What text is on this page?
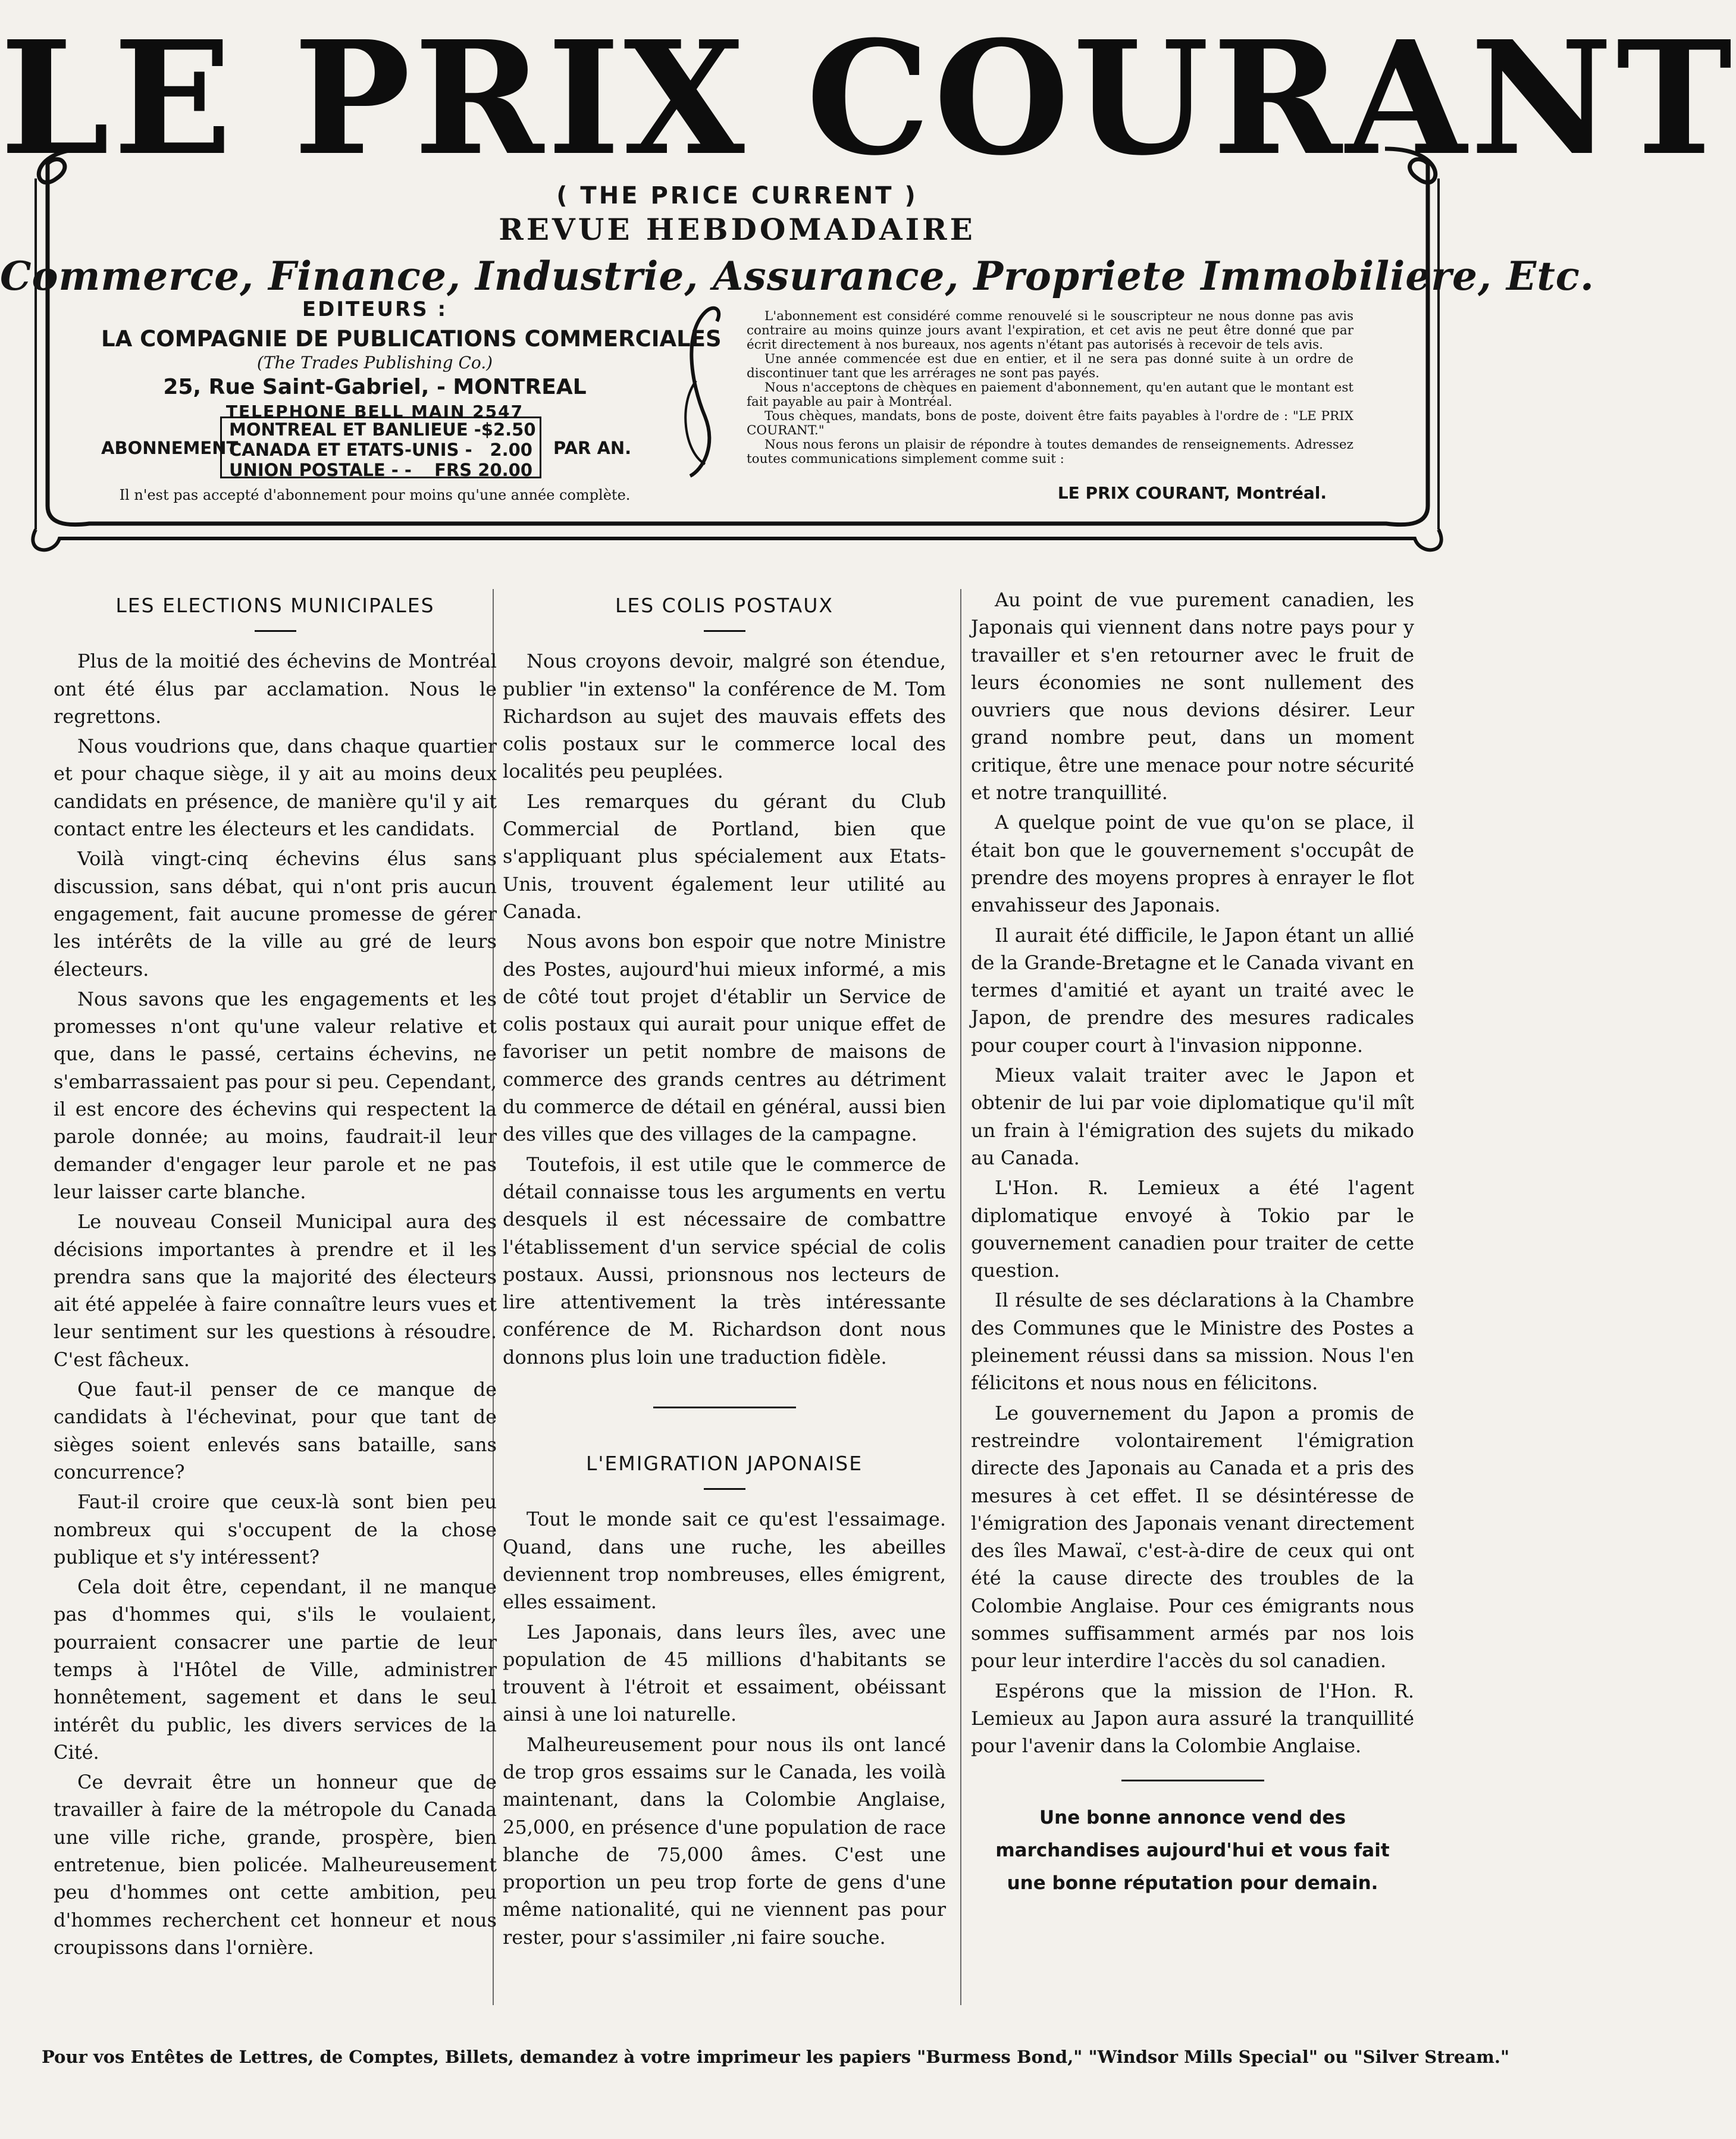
LE PRIX COURANT
( THE PRICE CURRENT )
REVUE HEBDOMADAIRE
Commerce, Finance, Industrie, Assurance, Propriete Immobiliere, Etc.
EDITEURS :
LA COMPAGNIE DE PUBLICATIONS COMMERCIALES
(The Trades Publishing Co.)
25, Rue Saint-Gabriel, - MONTREAL
TELEPHONE BELL MAIN 2547
ABONNEMENT
MONTREAL ET BANLIEUE - $2.50
CANADA ET ETATS-UNIS - 2.00
UNION POSTALE - - FRS 20.00
PAR AN.
Il n'est pas accepté d'abonnement pour moins qu'une année complète.

L'abonnement est considéré comme renouvelé si le souscripteur ne nous donne pas avis contraire au moins quinze jours avant l'expiration, et cet avis ne peut être donné que par écrit directement à nos bureaux, nos agents n'étant pas autorisés à recevoir de tels avis.

Une année commencée est due en entier, et il ne sera pas donné suite à un ordre de discontinuer tant que les arrérages ne sont pas payés.

Nous n'acceptons de chèques en paiement d'abonnement, qu'en autant que le montant est fait payable au pair à Montréal.

Tous chèques, mandats, bons de poste, doivent être faits payables à l'ordre de : "LE PRIX COURANT."

Nous nous ferons un plaisir de répondre à toutes demandes de renseignements. Adressez toutes communications simplement comme suit :

LE PRIX COURANT, Montréal.
LES ELECTIONS MUNICIPALES

Plus de la moitié des échevins de Montréal ont été élus par acclamation. Nous le regrettons.

Nous voudrions que, dans chaque quartier et pour chaque siège, il y ait au moins deux candidats en présence, de manière qu'il y ait contact entre les électeurs et les candidats.

Voilà vingt-cinq échevins élus sans discussion, sans débat, qui n'ont pris aucun engagement, fait aucune promesse de gérer les intérêts de la ville au gré de leurs électeurs.

Nous savons que les engagements et les promesses n'ont qu'une valeur relative et que, dans le passé, certains échevins, ne s'embarrassaient pas pour si peu. Cependant, il est encore des échevins qui respectent la parole donnée; au moins, faudrait-il leur demander d'engager leur parole et ne pas leur laisser carte blanche.

Le nouveau Conseil Municipal aura des décisions importantes à prendre et il les prendra sans que la majorité des électeurs ait été appelée à faire connaître leurs vues et leur sentiment sur les questions à résoudre. C'est fâcheux.

Que faut-il penser de ce manque de candidats à l'échevinat, pour que tant de sièges soient enlevés sans bataille, sans concurrence?

Faut-il croire que ceux-là sont bien peu nombreux qui s'occupent de la chose publique et s'y intéressent?

Cela doit être, cependant, il ne manque pas d'hommes qui, s'ils le voulaient, pourraient consacrer une partie de leur temps à l'Hôtel de Ville, administrer honnêtement, sagement et dans le seul intérêt du public, les divers services de la Cité.

Ce devrait être un honneur que de travailler à faire de la métropole du Canada une ville riche, grande, prospère, bien entretenue, bien policée. Malheureusement peu d'hommes ont cette ambition, peu d'hommes recherchent cet honneur et nous croupissons dans l'ornière.

LES COLIS POSTAUX

Nous croyons devoir, malgré son étendue, publier "in extenso" la conférence de M. Tom Richardson au sujet des mauvais effets des colis postaux sur le commerce local des localités peu peuplées.

Les remarques du gérant du Club Commercial de Portland, bien que s'appliquant plus spécialement aux Etats-Unis, trouvent également leur utilité au Canada.

Nous avons bon espoir que notre Ministre des Postes, aujourd'hui mieux informé, a mis de côté tout projet d'établir un Service de colis postaux qui aurait pour unique effet de favoriser un petit nombre de maisons de commerce des grands centres au détriment du commerce de détail en général, aussi bien des villes que des villages de la campagne.

Toutefois, il est utile que le commerce de détail connaisse tous les arguments en vertu desquels il est nécessaire de combattre l'établissement d'un service spécial de colis postaux. Aussi, prionsnous nos lecteurs de lire attentivement la très intéressante conférence de M. Richardson dont nous donnons plus loin une traduction fidèle.

L'EMIGRATION JAPONAISE

Tout le monde sait ce qu'est l'essaimage. Quand, dans une ruche, les abeilles deviennent trop nombreuses, elles émigrent, elles essaiment.

Les Japonais, dans leurs îles, avec une population de 45 millions d'habitants se trouvent à l'étroit et essaiment, obéissant ainsi à une loi naturelle.

Malheureusement pour nous ils ont lancé de trop gros essaims sur le Canada, les voilà maintenant, dans la Colombie Anglaise, 25,000, en présence d'une population de race blanche de 75,000 âmes. C'est une proportion un peu trop forte de gens d'une même nationalité, qui ne viennent pas pour rester, pour s'assimiler ,ni faire souche.

Au point de vue purement canadien, les Japonais qui viennent dans notre pays pour y travailler et s'en retourner avec le fruit de leurs économies ne sont nullement des ouvriers que nous devions désirer. Leur grand nombre peut, dans un moment critique, être une menace pour notre sécurité et notre tranquillité.

A quelque point de vue qu'on se place, il était bon que le gouvernement s'occupât de prendre des moyens propres à enrayer le flot envahisseur des Japonais.

Il aurait été difficile, le Japon étant un allié de la Grande-Bretagne et le Canada vivant en termes d'amitié et ayant un traité avec le Japon, de prendre des mesures radicales pour couper court à l'invasion nipponne.

Mieux valait traiter avec le Japon et obtenir de lui par voie diplomatique qu'il mît un frain à l'émigration des sujets du mikado au Canada.

L'Hon. R. Lemieux a été l'agent diplomatique envoyé à Tokio par le gouvernement canadien pour traiter de cette question.

Il résulte de ses déclarations à la Chambre des Communes que le Ministre des Postes a pleinement réussi dans sa mission. Nous l'en félicitons et nous nous en félicitons.

Le gouvernement du Japon a promis de restreindre volontairement l'émigration directe des Japonais au Canada et a pris des mesures à cet effet. Il se désintéresse de l'émigration des Japonais venant directement des îles Mawaï, c'est-à-dire de ceux qui ont été la cause directe des troubles de la Colombie Anglaise. Pour ces émigrants nous sommes suffisamment armés par nos lois pour leur interdire l'accès du sol canadien.

Espérons que la mission de l'Hon. R. Lemieux au Japon aura assuré la tranquillité pour l'avenir dans la Colombie Anglaise.

Une bonne annonce vend des marchandises aujourd'hui et vous fait une bonne réputation pour demain.
Pour vos Entêtes de Lettres, de Comptes, Billets, demandez à votre imprimeur les papiers "Burmess Bond," "Windsor Mills Special" ou "Silver Stream."
